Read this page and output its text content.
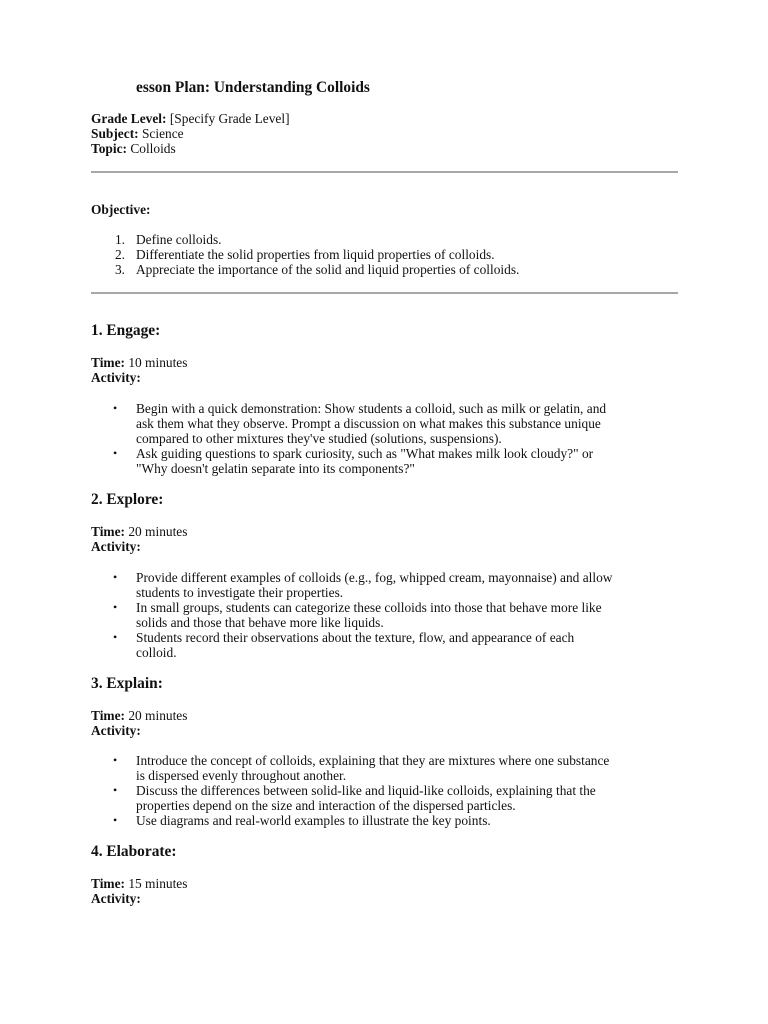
esson Plan: Understanding Colloids

Grade Level: [Specify Grade Level]

Subject: Science

Topic: Colloids

Objective:

1. Define colloids.
2. Differentiate the solid properties from liquid properties of colloids.
3. Appreciate the importance of the solid and liquid properties of colloids.
1. Engage:

Time: 10 minutes

Activity:

• Begin with a quick demonstration: Show students a colloid, such as milk or gelatin, and
ask them what they observe. Prompt a discussion on what makes this substance unique
compared to other mixtures they've studied (solutions, suspensions).
• Ask guiding questions to spark curiosity, such as "What makes milk look cloudy?" or
"Why doesn't gelatin separate into its components?"
2. Explore:

Time: 20 minutes

Activity:

• Provide different examples of colloids (e.g., fog, whipped cream, mayonnaise) and allow
students to investigate their properties.
• In small groups, students can categorize these colloids into those that behave more like
solids and those that behave more like liquids.
• Students record their observations about the texture, flow, and appearance of each
colloid.
3. Explain:

Time: 20 minutes

Activity:

• Introduce the concept of colloids, explaining that they are mixtures where one substance
is dispersed evenly throughout another.
• Discuss the differences between solid-like and liquid-like colloids, explaining that the
properties depend on the size and interaction of the dispersed particles.
• Use diagrams and real-world examples to illustrate the key points.
4. Elaborate:

Time: 15 minutes

Activity:
